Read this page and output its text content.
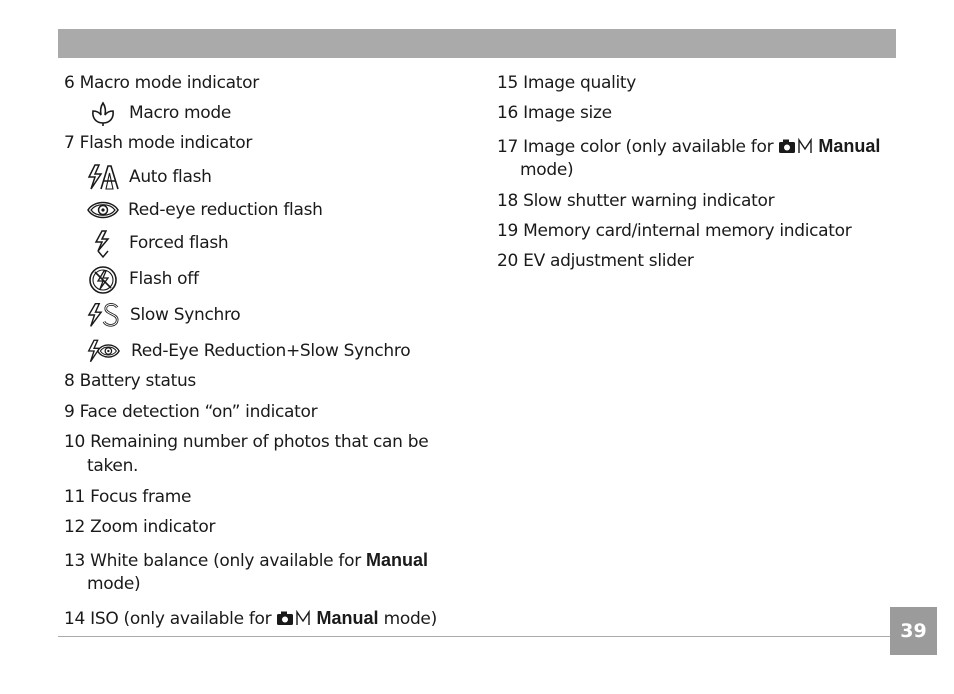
6 Macro mode indicator
Macro mode
7 Flash mode indicator
Auto flash
Red-eye reduction flash
Forced flash
Flash off
Slow Synchro
Red-Eye Reduction+Slow Synchro
8 Battery status
9 Face detection “on” indicator
10 Remaining number of photos that can be
taken.
11 Focus frame
12 Zoom indicator
13 White balance (only available for Manual
mode)
14 ISO (only available for	Manual mode)
15 Image quality
16 Image size
17 Image color (only available for	Manual
mode)
18 Slow shutter warning indicator
19 Memory card/internal memory indicator
20 EV adjustment slider
39
